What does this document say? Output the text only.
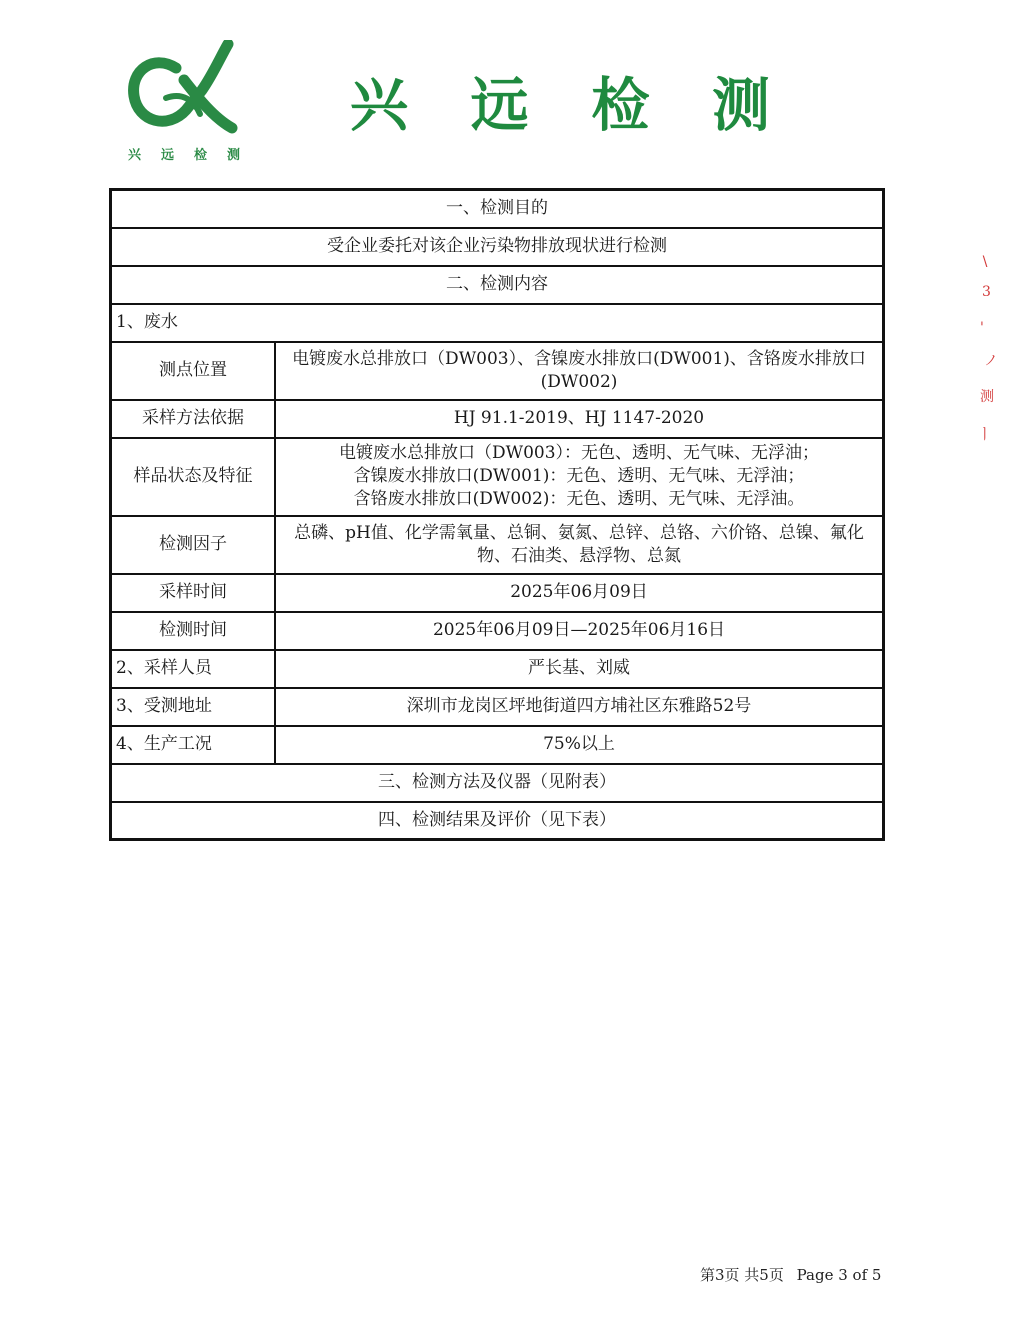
兴 远 检 测
兴 远 检 测
一、检测目的	
受企业委托对该企业污染物排放现状进行检测	
二、检测内容	
1、废水	
测点位置	电镀废水总排放口（DW003）、含镍废水排放口(DW001)、含铬废水排放口(DW002)
采样方法依据	HJ 91.1-2019、HJ 1147-2020
样品状态及特征	电镀废水总排放口（DW003）：无色、透明、无气味、无浮油；
含镍废水排放口(DW001)：无色、透明、无气味、无浮油；
含铬废水排放口(DW002)：无色、透明、无气味、无浮油。

检测因子	总磷、pH值、化学需氧量、总铜、氨氮、总锌、总铬、六价铬、总镍、氟化物、石油类、悬浮物、总氮
采样时间	2025年06月09日
检测时间	2025年06月09日—2025年06月16日
2、采样人员	严长基、刘威
3、受测地址	深圳市龙岗区坪地街道四方埔社区东雅路52号
4、生产工况	75%以上
三、检测方法及仪器（见附表）	
四、检测结果及评价（见下表）	
∖
3
'
ノ
测
ㅣ
第3页 共5页 Page 3 of 5
